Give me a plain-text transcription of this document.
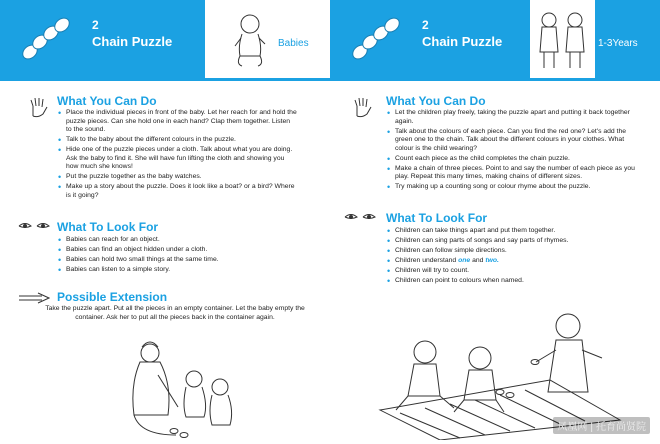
2
Chain Puzzle	Babies
What You Can Do
• Place the individual pieces in front of the baby. Let her reach for and hold the puzzle pieces. Can she hold one in each hand? Clap them together. Listen to the sound.
• Talk to the baby about the different colours in the puzzle.
• Hide one of the puzzle pieces under a cloth. Talk about what you are doing. Ask the baby to find it. She will have fun lifting the cloth and showing you how much she knows!
• Put the puzzle together as the baby watches.
• Make up a story about the puzzle. Does it look like a boat? or a bird? Where is it going?
What To Look For
• Babies can reach for an object.
• Babies can find an object hidden under a cloth.
• Babies can hold two small things at the same time.
• Babies can listen to a simple story.
Possible Extension
Take the puzzle apart. Put all the pieces in an empty container. Let the baby empty the container. Ask her to put all the pieces back in the container again.
2
Chain Puzzle	1-3Years
What You Can Do
• Let the children play freely, taking the puzzle apart and putting it back together again.
• Talk about the colours of each piece. Can you find the red one? Let's add the green one to the chain. Talk about the different colours in your clothes. What colour is the child wearing?
• Count each piece as the child completes the chain puzzle.
• Make a chain of three pieces. Point to and say the number of each piece as you play. Repeat this many times, making chains of different sizes.
• Try making up a counting song or colour rhyme about the puzzle.
What To Look For
• Children can take things apart and put them together.
• Children can sing parts of songs and say parts of rhymes.
• Children can follow simple directions.
• Children understand one and two.
• Children will try to count.
• Children can point to colours when named.
凤凰网 | 托育尚贤院
